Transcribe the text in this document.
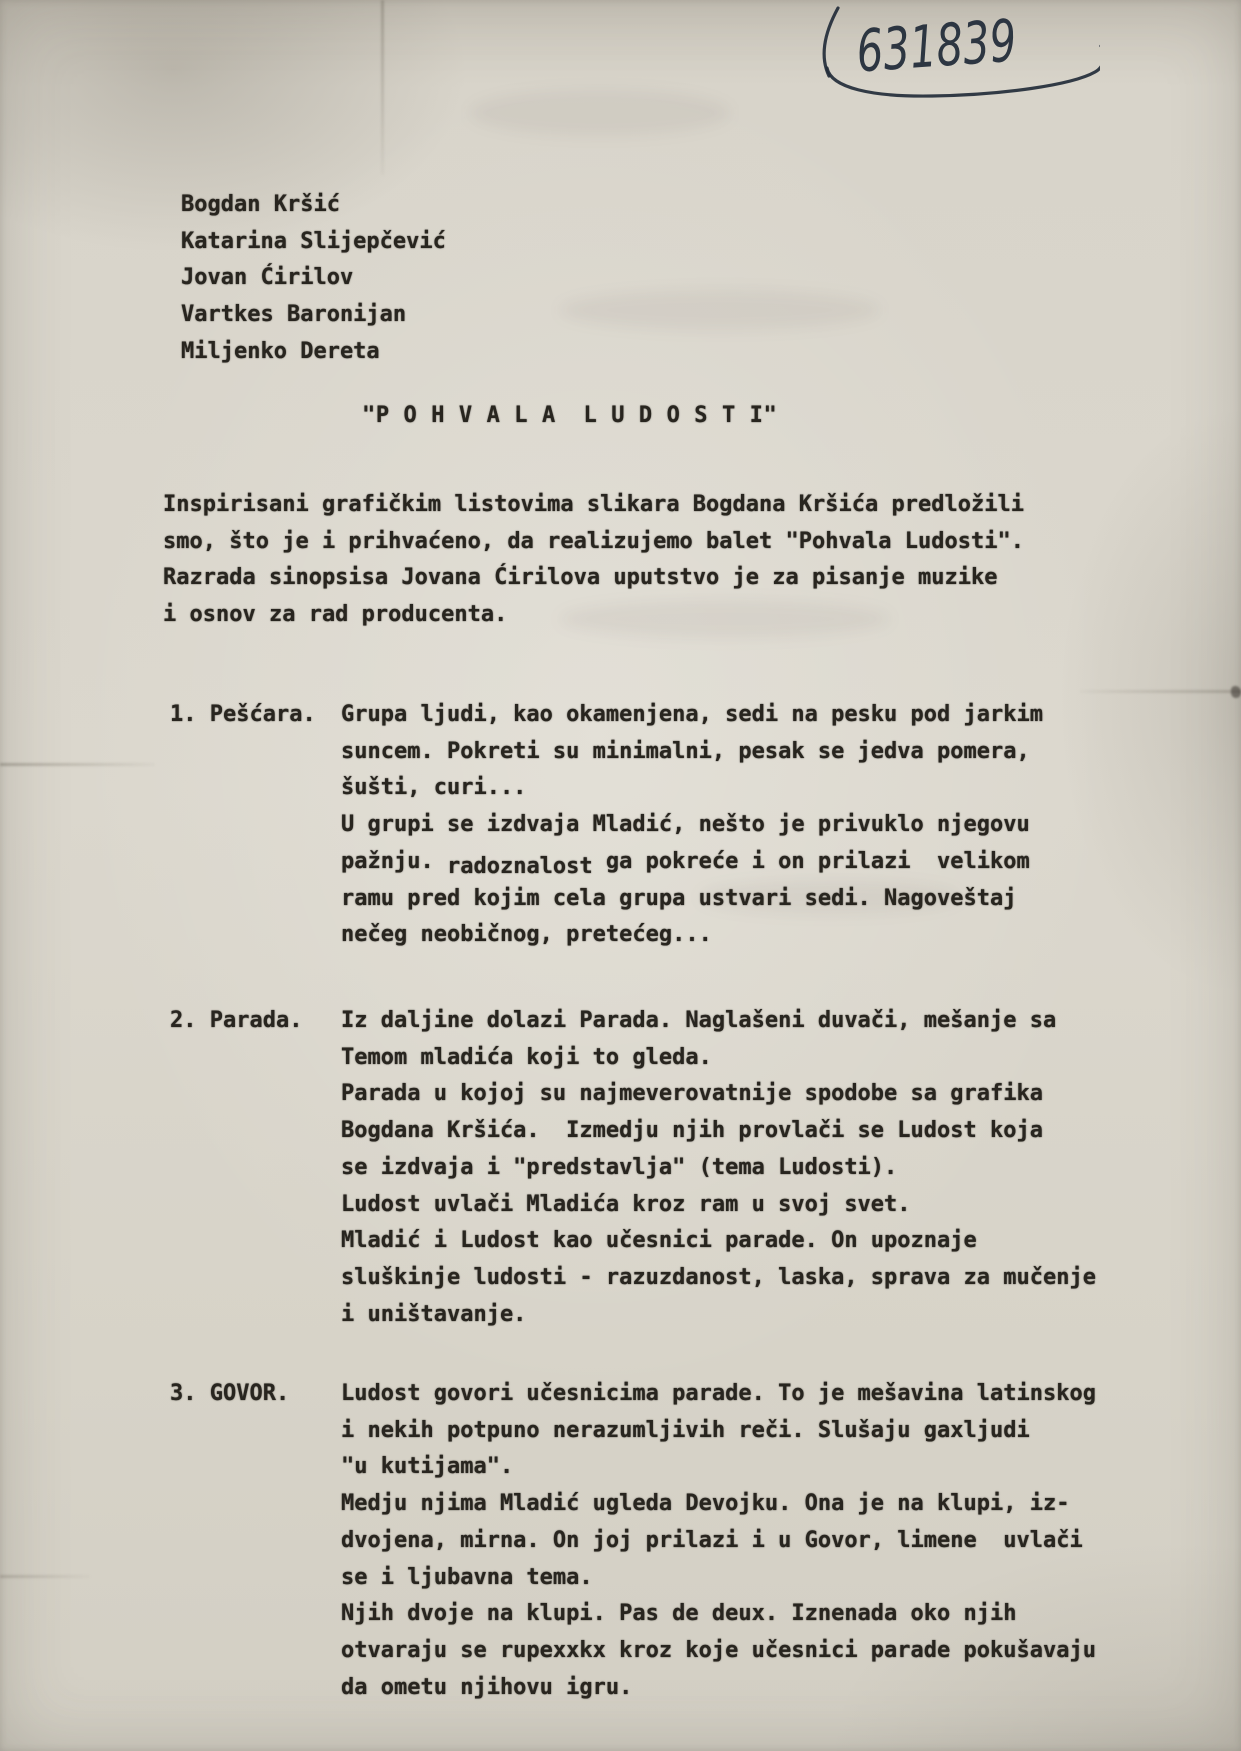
631839
Bogdan Kršić
Katarina Slijepčević
Jovan Ćirilov
Vartkes Baronijan
Miljenko Dereta
"P O H V A L A  L U D O S T I"
Inspirisani grafičkim listovima slikara Bogdana Kršića predložili
smo, što je i prihvaćeno, da realizujemo balet "Pohvala Ludosti".
Razrada sinopsisa Jovana Ćirilova uputstvo je za pisanje muzike
i osnov za rad producenta.
1. Pešćara. Grupa ljudi, kao okamenjena, sedi na pesku pod jarkim
suncem. Pokreti su minimalni, pesak se jedva pomera,
šušti, curi...
U grupi se izdvaja Mladić, nešto je privuklo njegovu
pažnju. radoznalost ga pokreće i on prilazi  velikom
ramu pred kojim cela grupa ustvari sedi. Nagoveštaj
nečeg neobičnog, pretećeg...
2. Parada. Iz daljine dolazi Parada. Naglašeni duvači, mešanje sa
Temom mladića koji to gleda.
Parada u kojoj su najmeverovatnije spodobe sa grafika
Bogdana Kršića.  Izmedju njih provlači se Ludost koja
se izdvaja i "predstavlja" (tema Ludosti).
Ludost uvlači Mladića kroz ram u svoj svet.
Mladić i Ludost kao učesnici parade. On upoznaje
sluškinje ludosti - razuzdanost, laska, sprava za mučenje
i uništavanje.
3. GOVOR. Ludost govori učesnicima parade. To je mešavina latinskog
i nekih potpuno nerazumljivih reči. Slušaju gaxljudi
"u kutijama".
Medju njima Mladić ugleda Devojku. Ona je na klupi, iz-
dvojena, mirna. On joj prilazi i u Govor, limene  uvlači
se i ljubavna tema.
Njih dvoje na klupi. Pas de deux. Iznenada oko njih
otvaraju se rupexxkx kroz koje učesnici parade pokušavaju
da ometu njihovu igru.
